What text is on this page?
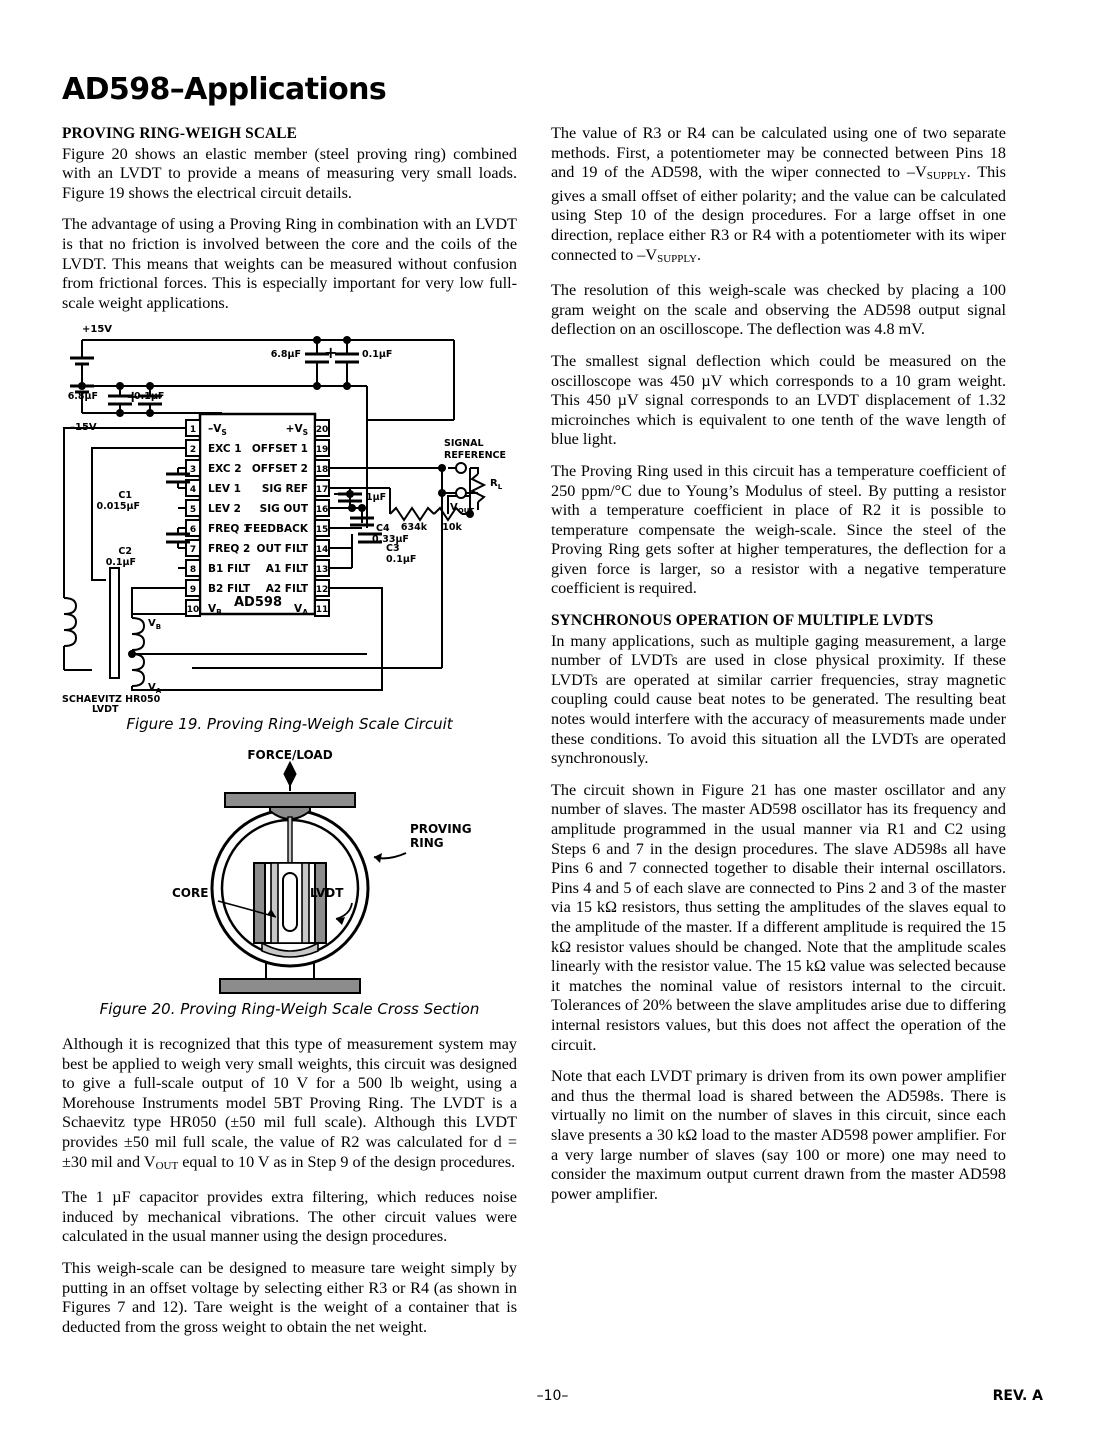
AD598–Applications
PROVING RING-WEIGH SCALE

Figure 20 shows an elastic member (steel proving ring) combined with an LVDT to provide a means of measuring very small loads. Figure 19 shows the electrical circuit details.

The advantage of using a Proving Ring in combination with an LVDT is that no friction is involved between the core and the coils of the LVDT. This means that weights can be measured without confusion from frictional forces. This is especially important for very low full-scale weight applications.

Although it is recognized that this type of measurement system may best be applied to weigh very small weights, this circuit was designed to give a full-scale output of 10 V for a 500 lb weight, using a Morehouse Instruments model 5BT Proving Ring. The LVDT is a Schaevitz type HR050 (±50 mil full scale). Although this LVDT provides ±50 mil full scale, the value of R2 was calculated for d = ±30 mil and $V_{OUT}$ equal to 10 V as in Step 9 of the design procedures.

The 1 µF capacitor provides extra filtering, which reduces noise induced by mechanical vibrations. The other circuit values were calculated in the usual manner using the design procedures.

This weigh-scale can be designed to measure tare weight simply by putting in an offset voltage by selecting either R3 or R4 (as shown in Figures 7 and 12). Tare weight is the weight of a container that is deducted from the gross weight to obtain the net weight.

The value of R3 or R4 can be calculated using one of two separate methods. First, a potentiometer may be connected between Pins 18 and 19 of the AD598, with the wiper connected to $-V_{SUPPLY}$. This gives a small offset of either polarity; and the value can be calculated using Step 10 of the design procedures. For a large offset in one direction, replace either R3 or R4 with a potentiometer with its wiper connected to $-V_{SUPPLY}$.

The resolution of this weigh-scale was checked by placing a 100 gram weight on the scale and observing the AD598 output signal deflection on an oscilloscope. The deflection was 4.8 mV.

The smallest signal deflection which could be measured on the oscilloscope was 450 µV which corresponds to a 10 gram weight. This 450 µV signal corresponds to an LVDT displacement of 1.32 microinches which is equivalent to one tenth of the wave length of blue light.

The Proving Ring used in this circuit has a temperature coefficient of 250 ppm/°C due to Young’s Modulus of steel. By putting a resistor with a temperature coefficient in place of R2 it is possible to temperature compensate the weigh-scale. Since the steel of the Proving Ring gets softer at higher temperatures, the deflection for a given force is larger, so a resistor with a negative temperature coefficient is required.

SYNCHRONOUS OPERATION OF MULTIPLE LVDTS

In many applications, such as multiple gaging measurement, a large number of LVDTs are used in close physical proximity. If these LVDTs are operated at similar carrier frequencies, stray magnetic coupling could cause beat notes to be generated. The resulting beat notes would interfere with the accuracy of measurements made under these conditions. To avoid this situation all the LVDTs are operated synchronously.

The circuit shown in Figure 21 has one master oscillator and any number of slaves. The master AD598 oscillator has its frequency and amplitude programmed in the usual manner via R1 and C2 using Steps 6 and 7 in the design procedures. The slave AD598s all have Pins 6 and 7 connected together to disable their internal oscillators. Pins 4 and 5 of each slave are connected to Pins 2 and 3 of the master via 15 kΩ resistors, thus setting the amplitudes of the slaves equal to the amplitude of the master. If a different amplitude is required the 15 kΩ resistor values should be changed. Note that the amplitude scales linearly with the resistor value. The 15 kΩ value was selected because it matches the nominal value of resistors internal to the circuit. Tolerances of 20% between the slave amplitudes arise due to differing internal resistors values, but this does not affect the operation of the circuit.

Note that each LVDT primary is driven from its own power amplifier and thus the thermal load is shared between the AD598s. There is virtually no limit on the number of slaves in this circuit, since each slave presents a 30 kΩ load to the master AD598 power amplifier. For a very large number of slaves (say 100 or more) one may need to consider the maximum output current drawn from the master AD598 power amplifier.

+15V
–15V
6.8µF	0.1µF
+
6.8µF	0.1µF
+
AD598
1 $-V_S$
2 EXC 1
3 EXC 2
4 LEV 1
5 LEV 2
6 FREQ 1
7 FREQ 2
8 B1 FILT
9 B2 FILT
10 $V_B$
20
$+V_S$
19
OFFSET 1
18
OFFSET 2
17
SIG REF
16
SIG OUT
15
FEEDBACK
14
OUT FILT
13
A1 FILT
12
A2 FILT
11
$V_A$
1µF
C4
0.33µF
C3
0.1µF
634k 10k
C1
0.015µF
C2
0.1µF
SIGNAL
REFERENCE
$R_L$
$V_{OUT}$
$V_B$
$V_A$
SCHAEVITZ HR050
LVDT
Figure 19. Proving Ring-Weigh Scale Circuit
FORCE/LOAD
PROVING
RING
CORE	LVDT
Figure 20. Proving Ring-Weigh Scale Cross Section
–10–	REV. A
